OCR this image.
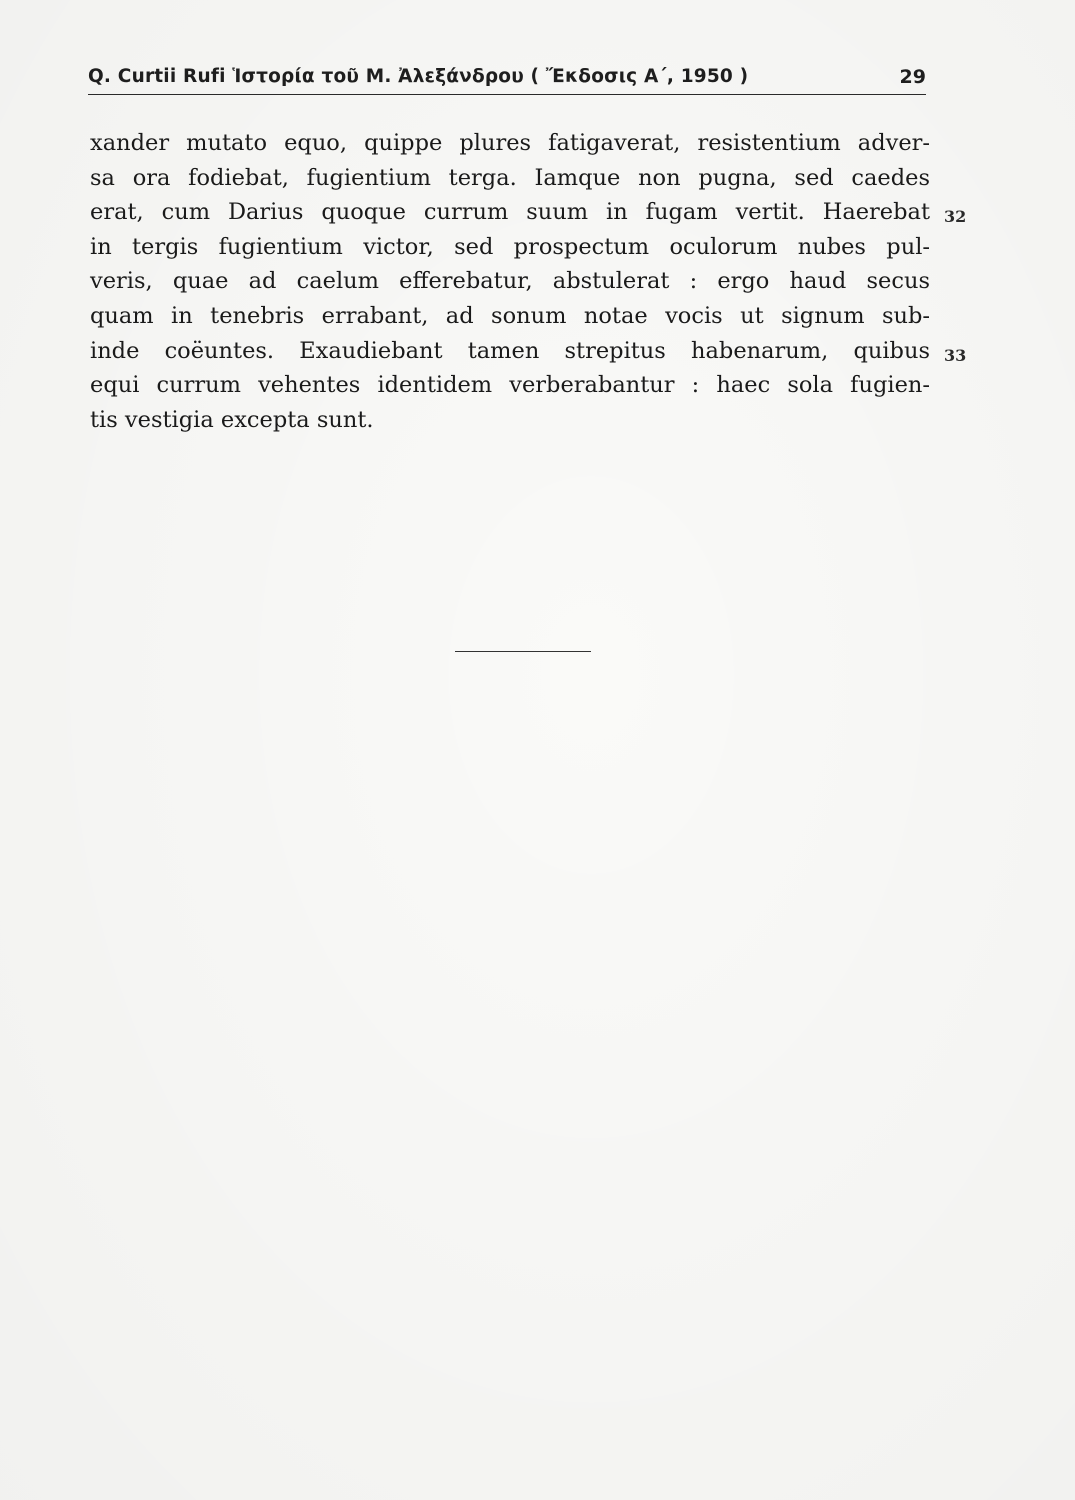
Q. Curtii Rufi Ἱστορία τοῦ Μ. Ἀλεξάνδρου ( Ἔκδοσις Α΄, 1950 )	29
xander mutato equo, quippe plures fatigaverat, resistentium adver-
sa ora fodiebat, fugientium terga. Iamque non pugna, sed caedes
erat, cum Darius quoque currum suum in fugam vertit. Haerebat
in tergis fugientium victor, sed prospectum oculorum nubes pul-
veris, quae ad caelum efferebatur, abstulerat : ergo haud secus
quam in tenebris errabant, ad sonum notae vocis ut signum sub-
inde coëuntes. Exaudiebant tamen strepitus habenarum, quibus
equi currum vehentes identidem verberabantur : haec sola fugien-
tis vestigia excepta sunt.
32
33
